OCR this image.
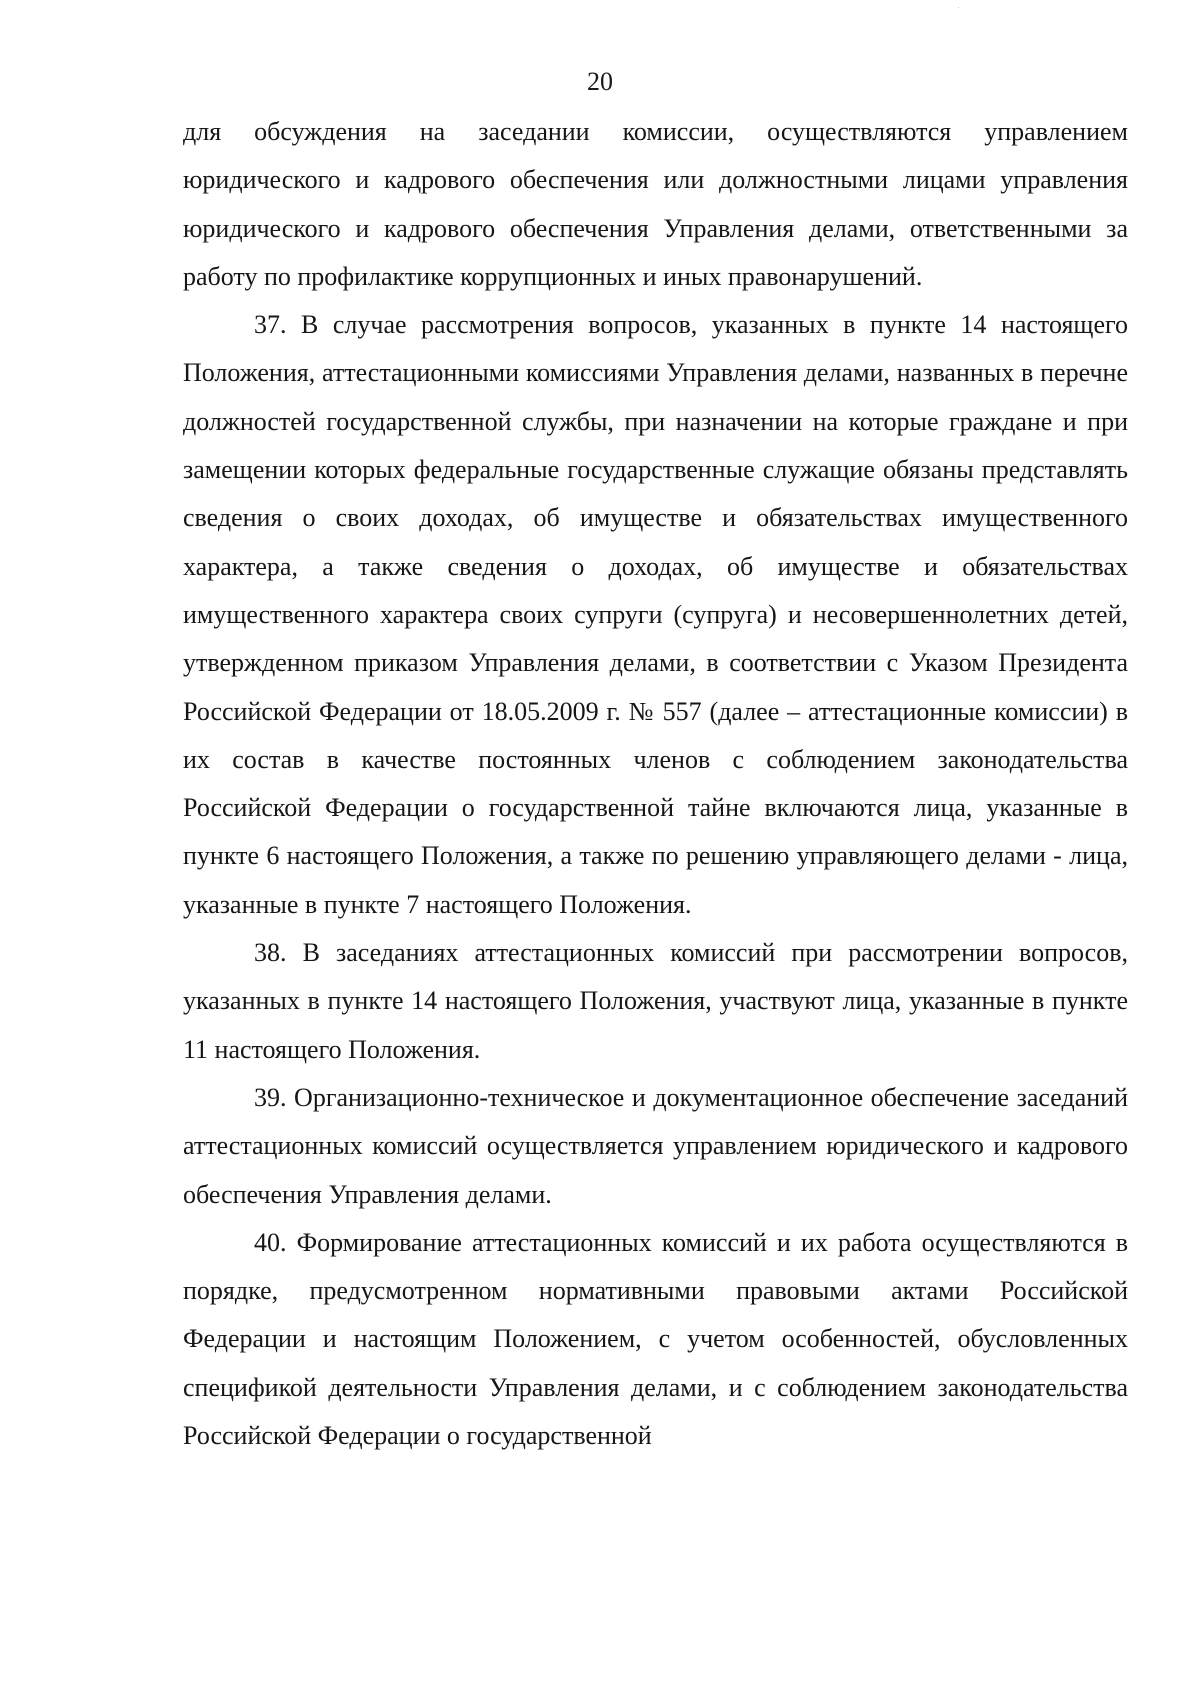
20

для обсуждения на заседании комиссии, осуществляются управлением юридического и кадрового обеспечения или должностными лицами управления юридического и кадрового обеспечения Управления делами, ответственными за работу по профилактике коррупционных и иных правонарушений.

37. В случае рассмотрения вопросов, указанных в пункте 14 настоящего Положения, аттестационными комиссиями Управления делами, названных в перечне должностей государственной службы, при назначении на которые граждане и при замещении которых федеральные государственные служащие обязаны представлять сведения о своих доходах, об имуществе и обязательствах имущественного характера, а также сведения о доходах, об имуществе и обязательствах имущественного характера своих супруги (супруга) и несовершеннолетних детей, утвержденном приказом Управления делами, в соответствии с Указом Президента Российской Федерации от 18.05.2009 г. № 557 (далее – аттестационные комиссии) в их состав в качестве постоянных членов с соблюдением законодательства Российской Федерации о государственной тайне включаются лица, указанные в пункте 6 настоящего Положения, а также по решению управляющего делами - лица, указанные в пункте 7 настоящего Положения.

38. В заседаниях аттестационных комиссий при рассмотрении вопросов, указанных в пункте 14 настоящего Положения, участвуют лица, указанные в пункте 11 настоящего Положения.

39. Организационно-техническое и документационное обеспечение заседаний аттестационных комиссий осуществляется управлением юридического и кадрового обеспечения Управления делами.

40. Формирование аттестационных комиссий и их работа осуществляются в порядке, предусмотренном нормативными правовыми актами Российской Федерации и настоящим Положением, с учетом особенностей, обусловленных спецификой деятельности Управления делами, и с соблюдением законодательства Российской Федерации о государственной
